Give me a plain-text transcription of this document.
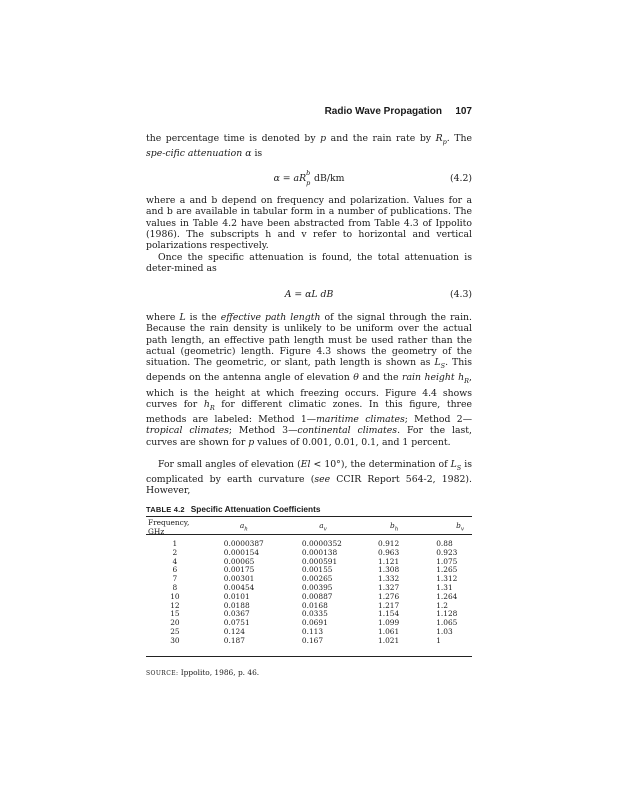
Radio Wave Propagation 107

the percentage time is denoted by p and the rain rate by $R_p$. The spe-cific attenuation α is

α = aR b
p dB/km	(4.2)

where a and b depend on frequency and polarization. Values for a and b are available in tabular form in a number of publications. The values in Table 4.2 have been abstracted from Table 4.3 of Ippolito (1986). The subscripts h and v refer to horizontal and vertical polarizations respectively.

Once the specific attenuation is found, the total attenuation is deter-mined as

A = αL dB	(4.3)

where L is the effective path length of the signal through the rain. Because the rain density is unlikely to be uniform over the actual path length, an effective path length must be used rather than the actual (geometric) length. Figure 4.3 shows the geometry of the situation. The geometric, or slant, path length is shown as $L_S$. This depends on the antenna angle of elevation θ and the rain height $h_R$, which is the height at which freezing occurs. Figure 4.4 shows curves for $h_R$ for different climatic zones. In this figure, three methods are labeled: Method 1—maritime climates; Method 2—tropical climates; Method 3—continental climates. For the last, curves are shown for p values of 0.001, 0.01, 0.1, and 1 percent.

For small angles of elevation (El < 10°), the determination of $L_S$ is complicated by earth curvature (see CCIR Report 564-2, 1982). However,

TABLE 4.2 Specific Attenuation Coefficients
Frequency, GHz	$a_h$	$a_v$	$b_h$	$b_v$
1	0.0000387	0.0000352	0.912	0.88
2	0.000154	0.000138	0.963	0.923
4	0.00065	0.000591	1.121	1.075
6	0.00175	0.00155	1.308	1.265
7	0.00301	0.00265	1.332	1.312
8	0.00454	0.00395	1.327	1.31
10	0.0101	0.00887	1.276	1.264
12	0.0188	0.0168	1.217	1.2
15	0.0367	0.0335	1.154	1.128
20	0.0751	0.0691	1.099	1.065
25	0.124	0.113	1.061	1.03
30	0.187	0.167	1.021	1
SOURCE: Ippolito, 1986, p. 46.
